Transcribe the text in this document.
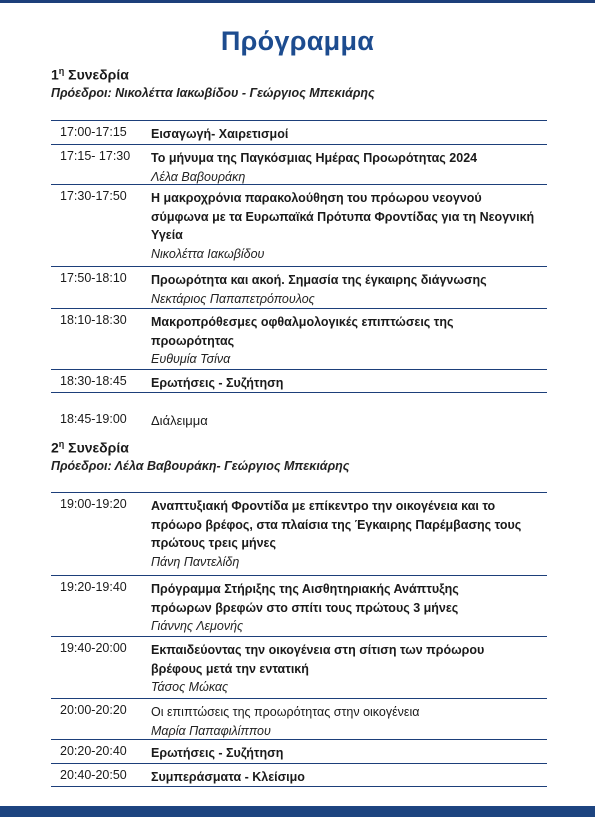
Πρόγραμμα
$1^\eta$ Συνεδρία
Πρόεδροι: Νικολέττα Ιακωβίδου - Γεώργιος Μπεκιάρης
17:00-17:15 Εισαγωγή- Χαιρετισμοί
17:15- 17:30 Το μήνυμα της Παγκόσμιας Ημέρας Προωρότητας 2024
Λέλα Βαβουράκη
17:30-17:50 Η μακροχρόνια παρακολούθηση του πρόωρου νεογνού σύμφωνα με τα Ευρωπαϊκά Πρότυπα Φροντίδας για τη Νεογνική Υγεία
Νικολέττα Ιακωβίδου
17:50-18:10 Προωρότητα και ακοή. Σημασία της έγκαιρης διάγνωσης
Νεκτάριος Παπαπετρόπουλος
18:10-18:30 Μακροπρόθεσμες οφθαλμολογικές επιπτώσεις της προωρότητας
Ευθυμία Τσίνα
18:30-18:45 Ερωτήσεις - Συζήτηση
18:45-19:00 Διάλειμμα
$2^\eta$ Συνεδρία
Πρόεδροι: Λέλα Βαβουράκη- Γεώργιος Μπεκιάρης
19:00-19:20 Αναπτυξιακή Φροντίδα με επίκεντρο την οικογένεια και το πρόωρο βρέφος, στα πλαίσια της Έγκαιρης Παρέμβασης τους πρώτους τρεις μήνες
Πάνη Παντελίδη
19:20-19:40 Πρόγραμμα Στήριξης της Αισθητηριακής Ανάπτυξης πρόωρων βρεφών στο σπίτι τους πρώτους 3 μήνες
Γιάννης Λεμονής
19:40-20:00 Εκπαιδεύοντας την οικογένεια στη σίτιση των πρόωρου βρέφους μετά την εντατική
Τάσος Μώκας
20:00-20:20 Οι επιπτώσεις της προωρότητας στην οικογένεια
Μαρία Παπαφιλίππου
20:20-20:40 Ερωτήσεις - Συζήτηση
20:40-20:50 Συμπεράσματα - Κλείσιμο
